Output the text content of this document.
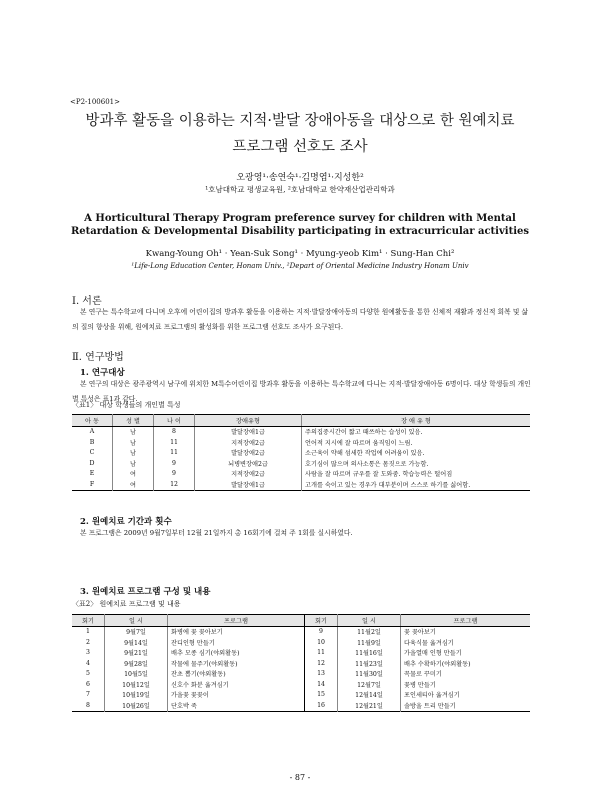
<P2-100601>
방과후 활동을 이용하는 지적·발달 장애아동을 대상으로 한 원예치료
프로그램 선호도 조사
오광영¹·송연숙¹·김명엽¹·지성한²
¹호남대학교 평생교육원, ²호남대학교 한약재산업관리학과
A Horticultural Therapy Program preference survey for children with Mental
Retardation & Developmental Disability participating in extracurricular activities
Kwang-Young Oh¹ · Yean-Suk Song¹ · Myung-yeob Kim¹ · Sung-Han Chi²
¹Life-Long Education Center, Honam Univ., ²Depart of Oriental Medicine Industry Honam Univ
Ⅰ. 서론
본 연구는 특수학교에 다니며 오후에 어린이집의 방과후 활동을 이용하는 지적·발달장애아동의 다양한 원예활동을 통한 신체적 재활과 정신적 회복 및 삶의 질의 향상을 위해, 원예치료 프로그램의 활성화를 위한 프로그램 선호도 조사가 요구된다.
Ⅱ. 연구방법
1. 연구대상
본 연구의 대상은 광주광역시 남구에 위치한 M특수어린이집 방과후 활동을 이용하는 특수학교에 다니는 지적·발달장애아동 6명이다. 대상 학생들의 개인별 특성은 표1과 같다.
〈표1〉 대상 학생들의 개인별 특성
아 동	성 별	나 이	장애유형	장 애 유 형
A	남	8	발달장애1급	주의집중시간이 짧고 때쓰하는 습성이 있음.
B	남	11	지적장애2급	언어적 지시에 잘 따르며 움직임이 느림.
C	남	11	발달장애2급	소근육이 약해 섬세한 작업에 어려움이 있음.
D	남	9	뇌병변장애2급	호기심이 많으며 의사소통은 몸짓으로 가능함.
E	여	9	지적장애2급	사람을 잘 따르며 규우를 잘 도와줌. 학습능력은 떨어짐
F	여	12	발달장애1급	고개를 숙이고 있는 경우가 대부분이며 스스로 하기를 싫어함.
2. 원예치료 기간과 횟수
본 프로그램은 2009년 9월7일부터 12월 21일까지 총 16회기에 걸쳐 주 1회를 실시하였다.
3. 원예치료 프로그램 구성 및 내용
〈표2〉 원예치료 프로그램 및 내용
회기	일 시	프로그램	회기	일 시	프로그램
1	9월7일	화병에 꽃 꽂아보기	9	11월2일	꽃 꽂아보기
2	9월14일	잔디인형 만들기	10	11월9일	다육식물 옮겨심기
3	9월21일	배추 모종 심기(야외활동)	11	11월16일	가을열매 인형 만들기
4	9월28일	작물에 물주기(야외활동)	12	11월23일	배추 수확하기(야외활동)
5	10월5일	잔초 뽑기(야외활동)	13	11월30일	꼭물로 꾸미기
6	10월12일	신호수 화분 옮겨심기	14	12월7일	꽃병 만들기
7	10월19일	가을꽃 꽃꽂이	15	12월14일	포인세티아 옮겨심기
8	10월26일	단호박 죽	16	12월21일	솔방울 트리 만들기
- 87 -
